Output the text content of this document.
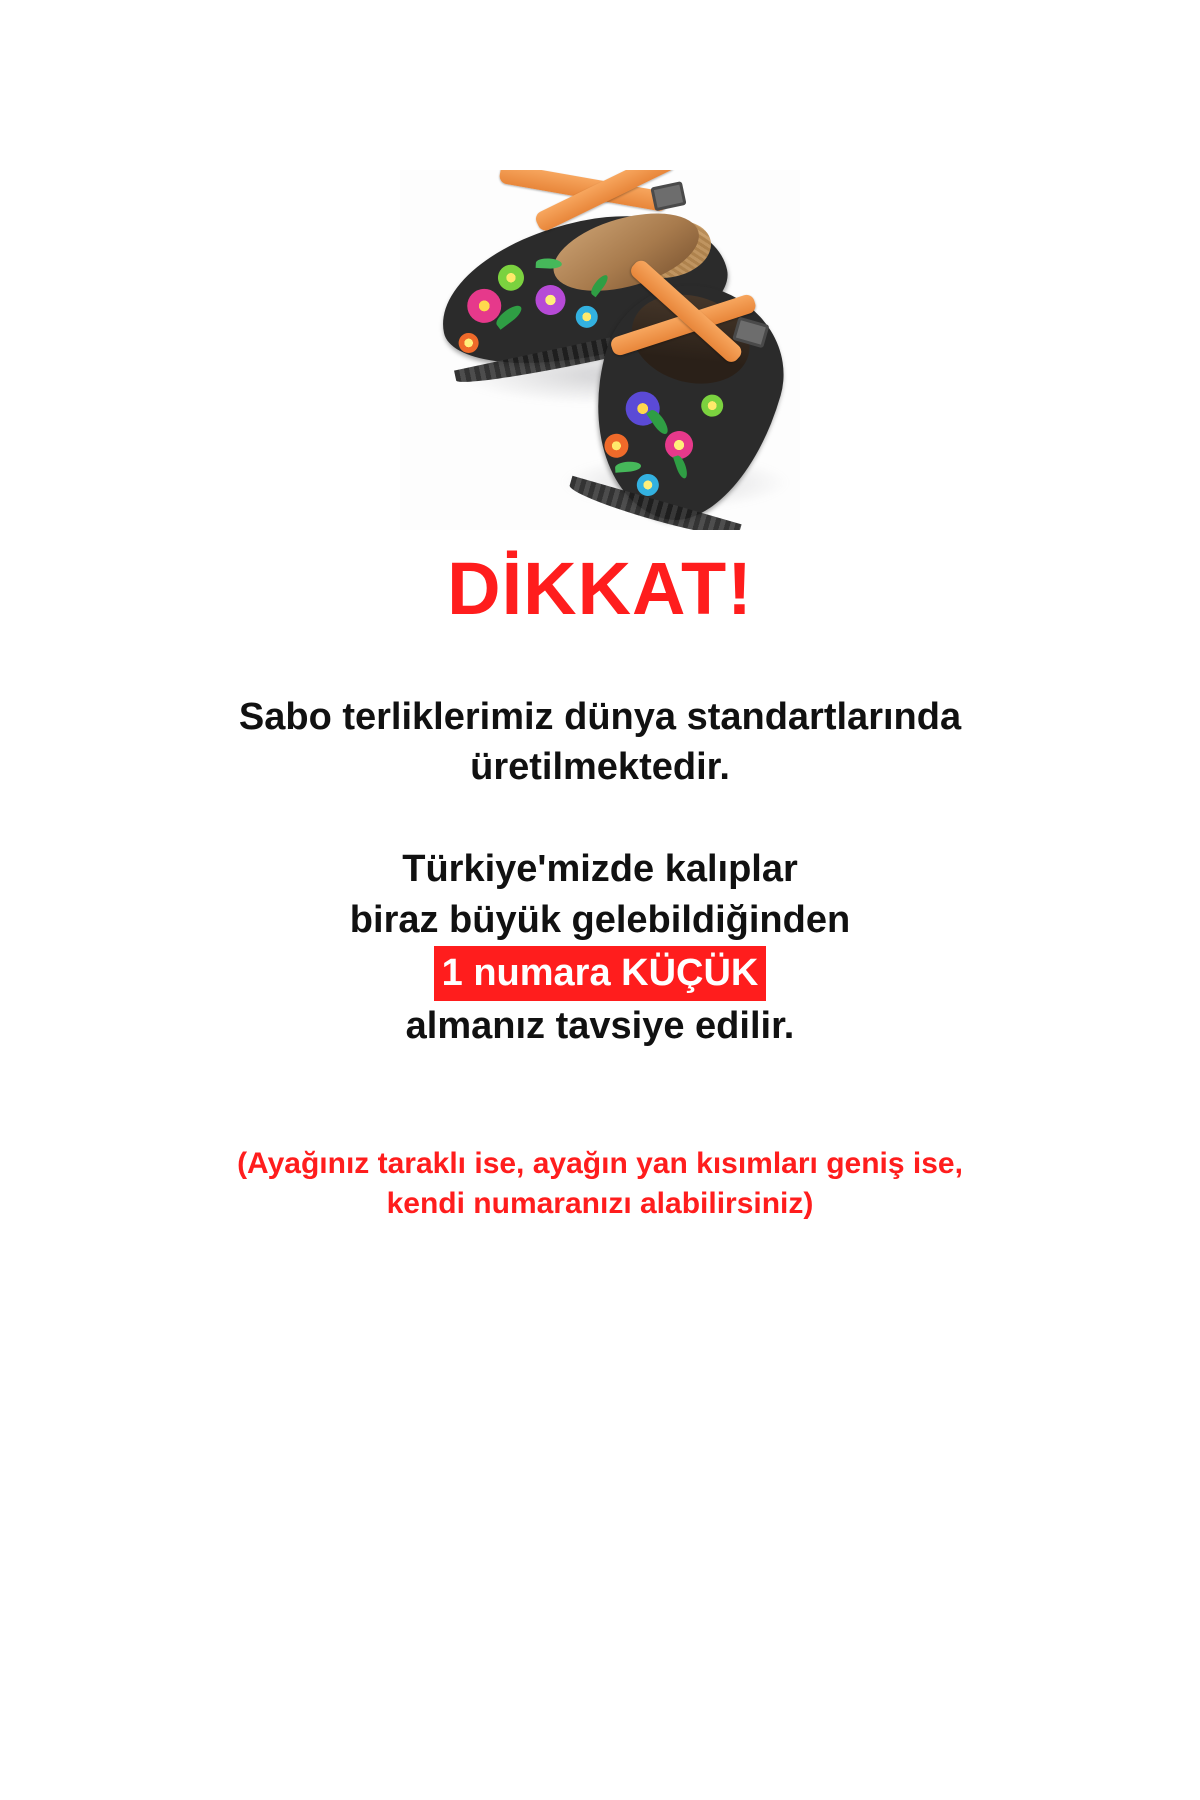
DİKKAT!
Sabo terliklerimiz dünya standartlarında
üretilmektedir.
Türkiye'mizde kalıplar
biraz büyük gelebildiğinden
1 numara KÜÇÜK
almanız tavsiye edilir.
(Ayağınız taraklı ise, ayağın yan kısımları geniş ise,
kendi numaranızı alabilirsiniz)
